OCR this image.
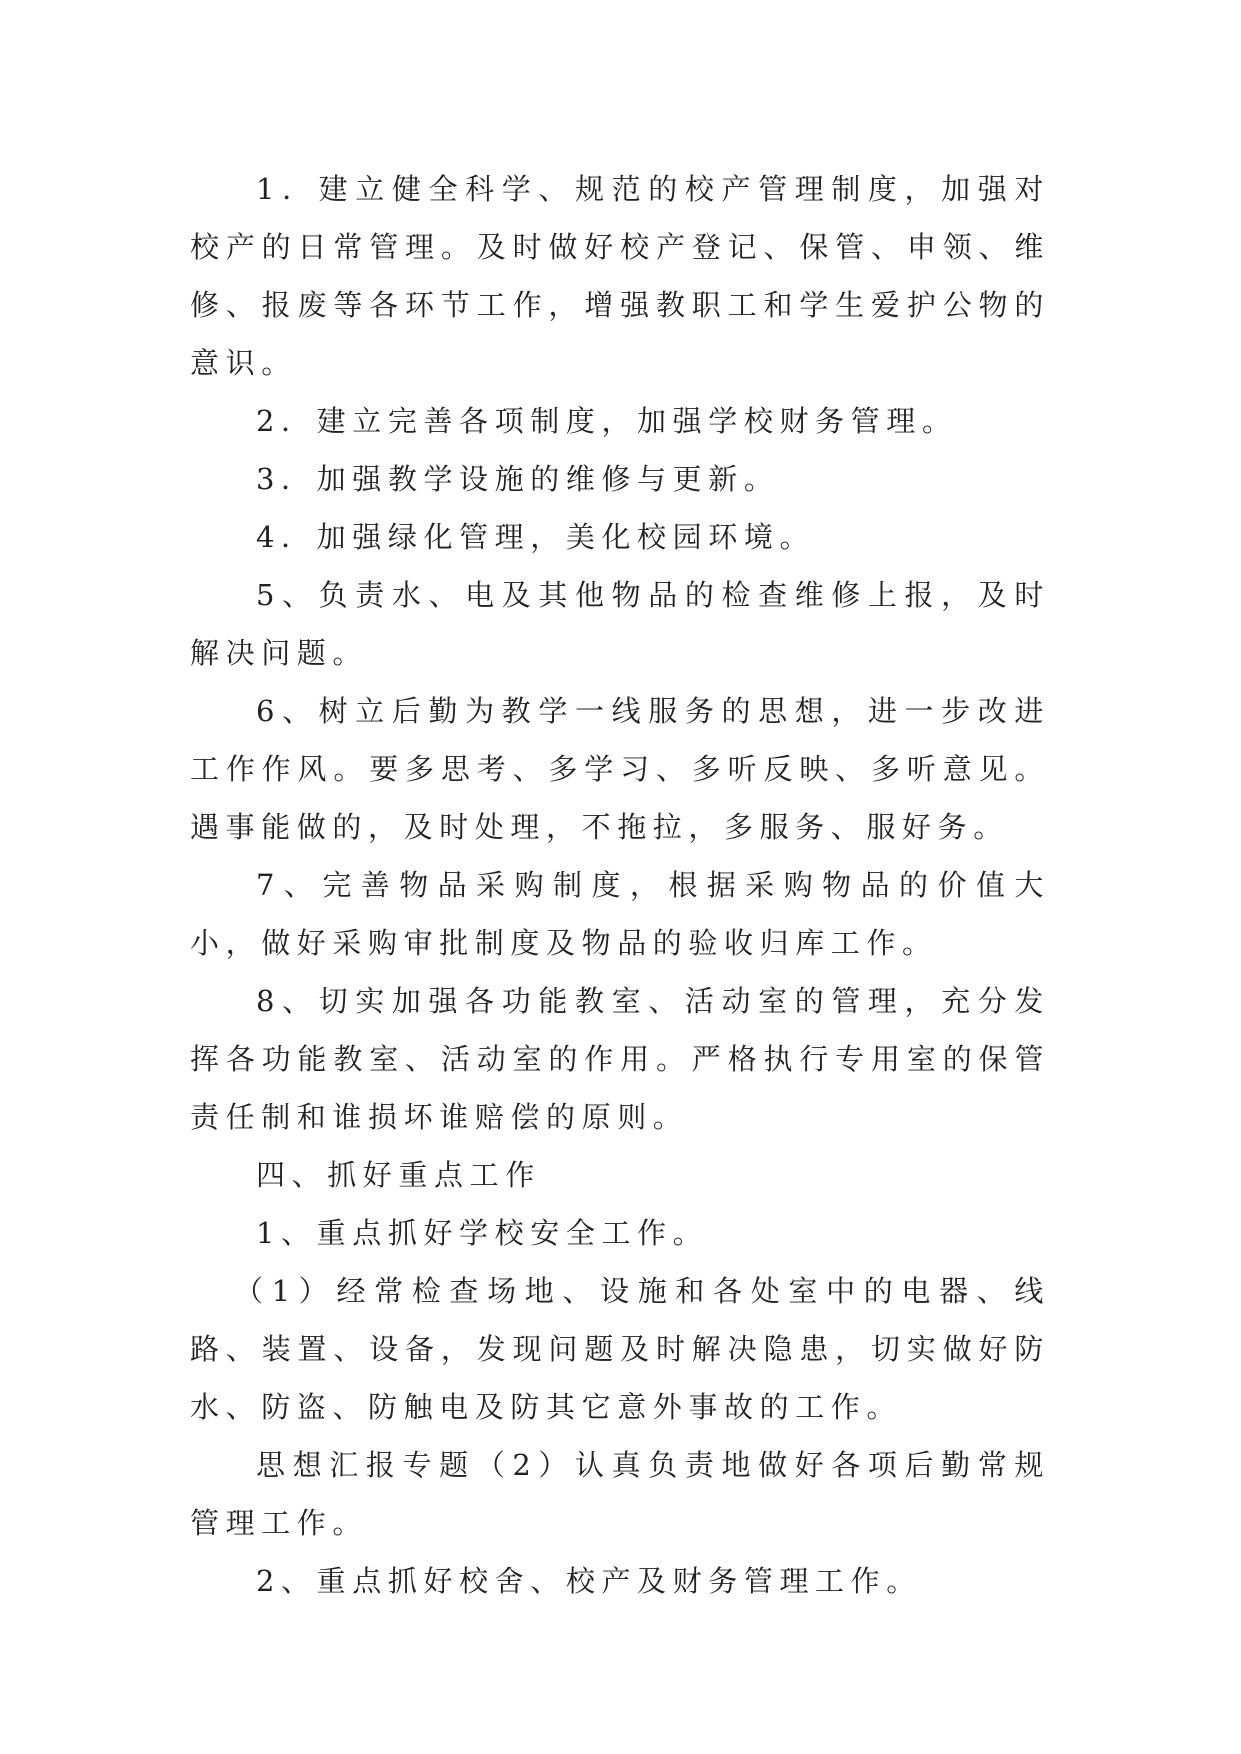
1．建立健全科学、规范的校产管理制度，加强对校产的日常管理。及时做好校产登记、保管、申领、维修、报废等各环节工作，增强教职工和学生爱护公物的意识。

2．建立完善各项制度，加强学校财务管理。

3．加强教学设施的维修与更新。

4．加强绿化管理，美化校园环境。

5、负责水、电及其他物品的检查维修上报，及时解决问题。

6、树立后勤为教学一线服务的思想，进一步改进工作作风。要多思考、多学习、多听反映、多听意见。遇事能做的，及时处理，不拖拉，多服务、服好务。

7、完善物品采购制度，根据采购物品的价值大小，做好采购审批制度及物品的验收归库工作。

8、切实加强各功能教室、活动室的管理，充分发挥各功能教室、活动室的作用。严格执行专用室的保管责任制和谁损坏谁赔偿的原则。

四、抓好重点工作

1、重点抓好学校安全工作。

（1）经常检查场地、设施和各处室中的电器、线路、装置、设备，发现问题及时解决隐患，切实做好防水、防盗、防触电及防其它意外事故的工作。

思想汇报专题（2）认真负责地做好各项后勤常规管理工作。

2、重点抓好校舍、校产及财务管理工作。
